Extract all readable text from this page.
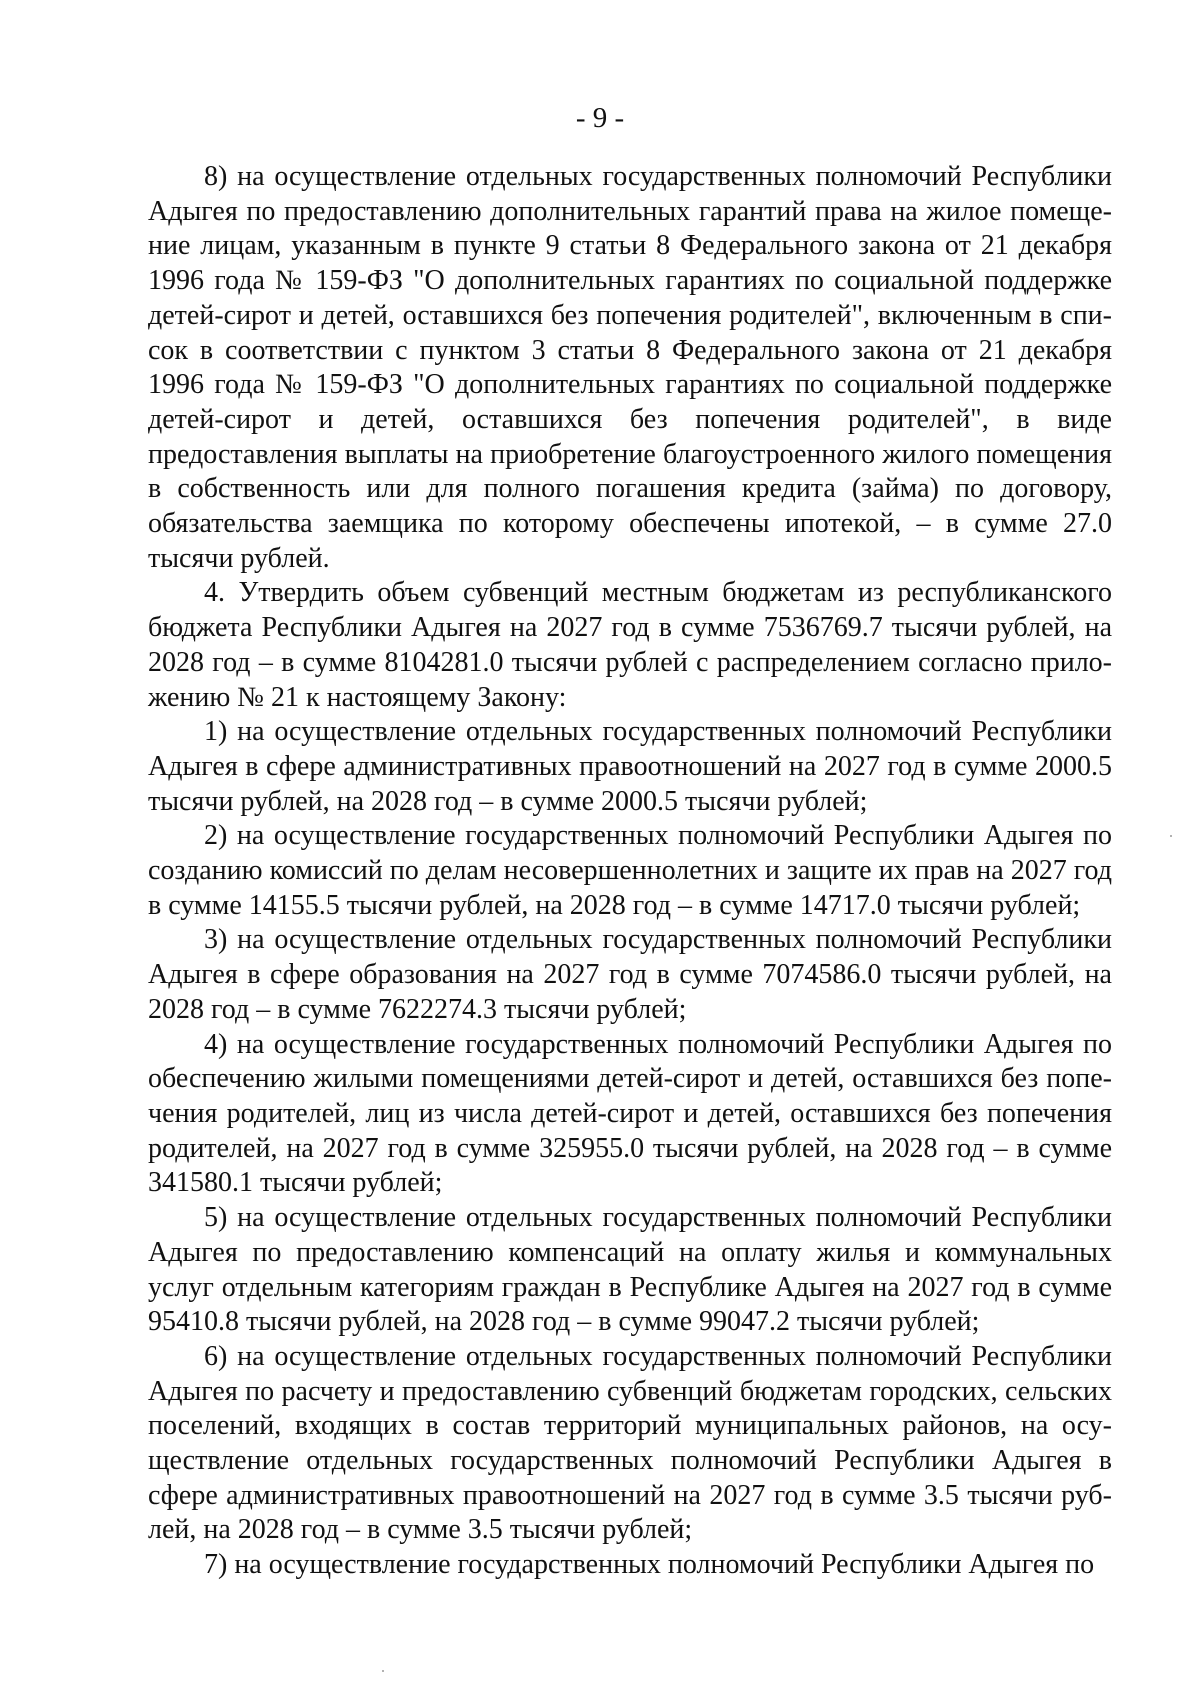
- 9 -

8) на осуществление отдельных государственных полномочий Республики Адыгея по предоставлению дополнительных гарантий права на жилое помещение лицам, указанным в пункте 9 статьи 8 Федерального закона от 21 декабря 1996 года № 159-ФЗ "О дополнительных гарантиях по социальной поддержке детей-сирот и детей, оставшихся без попечения родителей", включенным в список в соответствии с пунктом 3 статьи 8 Федерального закона от 21 декабря 1996 года № 159-ФЗ "О дополнительных гарантиях по социальной поддержке детей-сирот и детей, оставшихся без попечения родителей", в виде предоставления выплаты на приобретение благоустроенного жилого помещения в собственность или для полного погашения кредита (займа) по договору, обязательства заемщика по которому обеспечены ипотекой, – в сумме 27.0 тысячи рублей.

4. Утвердить объем субвенций местным бюджетам из республиканского бюджета Республики Адыгея на 2027 год в сумме 7536769.7 тысячи рублей, на 2028 год – в сумме 8104281.0 тысячи рублей с распределением согласно приложению № 21 к настоящему Закону:

1) на осуществление отдельных государственных полномочий Республики Адыгея в сфере административных правоотношений на 2027 год в сумме 2000.5 тысячи рублей, на 2028 год – в сумме 2000.5 тысячи рублей;

2) на осуществление государственных полномочий Республики Адыгея по созданию комиссий по делам несовершеннолетних и защите их прав на 2027 год в сумме 14155.5 тысячи рублей, на 2028 год – в сумме 14717.0 тысячи рублей;

3) на осуществление отдельных государственных полномочий Республики Адыгея в сфере образования на 2027 год в сумме 7074586.0 тысячи рублей, на 2028 год – в сумме 7622274.3 тысячи рублей;

4) на осуществление государственных полномочий Республики Адыгея по обеспечению жилыми помещениями детей-сирот и детей, оставшихся без попечения родителей, лиц из числа детей-сирот и детей, оставшихся без попечения родителей, на 2027 год в сумме 325955.0 тысячи рублей, на 2028 год – в сумме 341580.1 тысячи рублей;

5) на осуществление отдельных государственных полномочий Республики Адыгея по предоставлению компенсаций на оплату жилья и коммунальных услуг отдельным категориям граждан в Республике Адыгея на 2027 год в сумме 95410.8 тысячи рублей, на 2028 год – в сумме 99047.2 тысячи рублей;

6) на осуществление отдельных государственных полномочий Республики Адыгея по расчету и предоставлению субвенций бюджетам городских, сельских поселений, входящих в состав территорий муниципальных районов, на осуществление отдельных государственных полномочий Республики Адыгея в сфере административных правоотношений на 2027 год в сумме 3.5 тысячи рублей, на 2028 год – в сумме 3.5 тысячи рублей;

7) на осуществление государственных полномочий Республики Адыгея по
